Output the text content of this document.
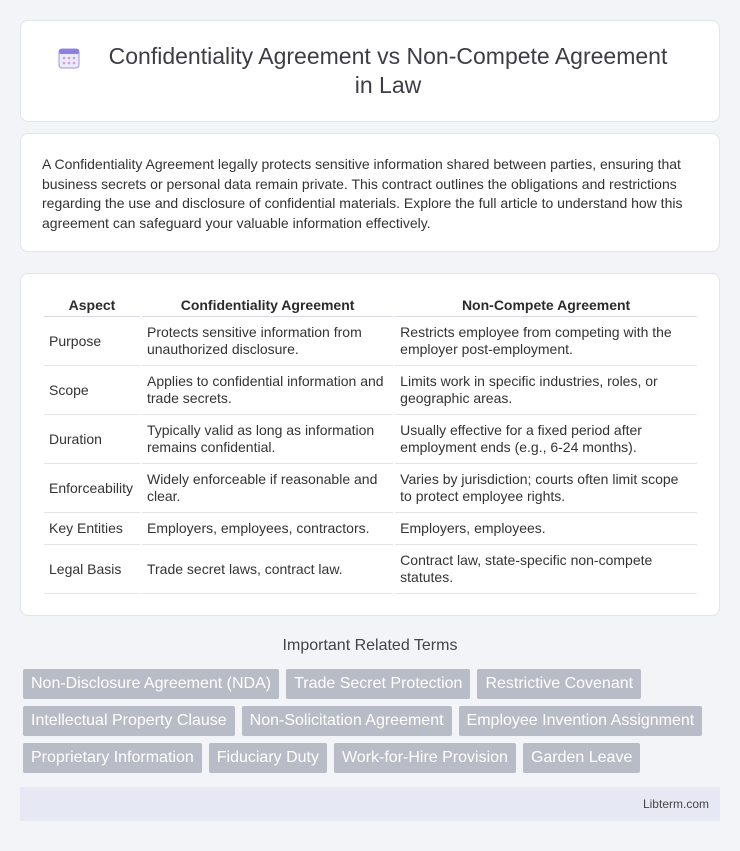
Confidentiality Agreement vs Non-Compete Agreement in Law

A Confidentiality Agreement legally protects sensitive information shared between parties, ensuring that business secrets or personal data remain private. This contract outlines the obligations and restrictions regarding the use and disclosure of confidential materials. Explore the full article to understand how this agreement can safeguard your valuable information effectively.

Aspect	Confidentiality Agreement	Non-Compete Agreement
Purpose	Protects sensitive information from unauthorized disclosure.	Restricts employee from competing with the employer post-employment.
Scope	Applies to confidential information and trade secrets.	Limits work in specific industries, roles, or geographic areas.
Duration	Typically valid as long as information remains confidential.	Usually effective for a fixed period after employment ends (e.g., 6-24 months).
Enforceability	Widely enforceable if reasonable and clear.	Varies by jurisdiction; courts often limit scope to protect employee rights.
Key Entities	Employers, employees, contractors.	Employers, employees.
Legal Basis	Trade secret laws, contract law.	Contract law, state-specific non-compete statutes.
Important Related Terms
Non-Disclosure Agreement (NDA)	Trade Secret Protection	Restrictive Covenant
Intellectual Property Clause	Non-Solicitation Agreement	Employee Invention Assignment
Proprietary Information	Fiduciary Duty	Work-for-Hire Provision	Garden Leave
Libterm.com
